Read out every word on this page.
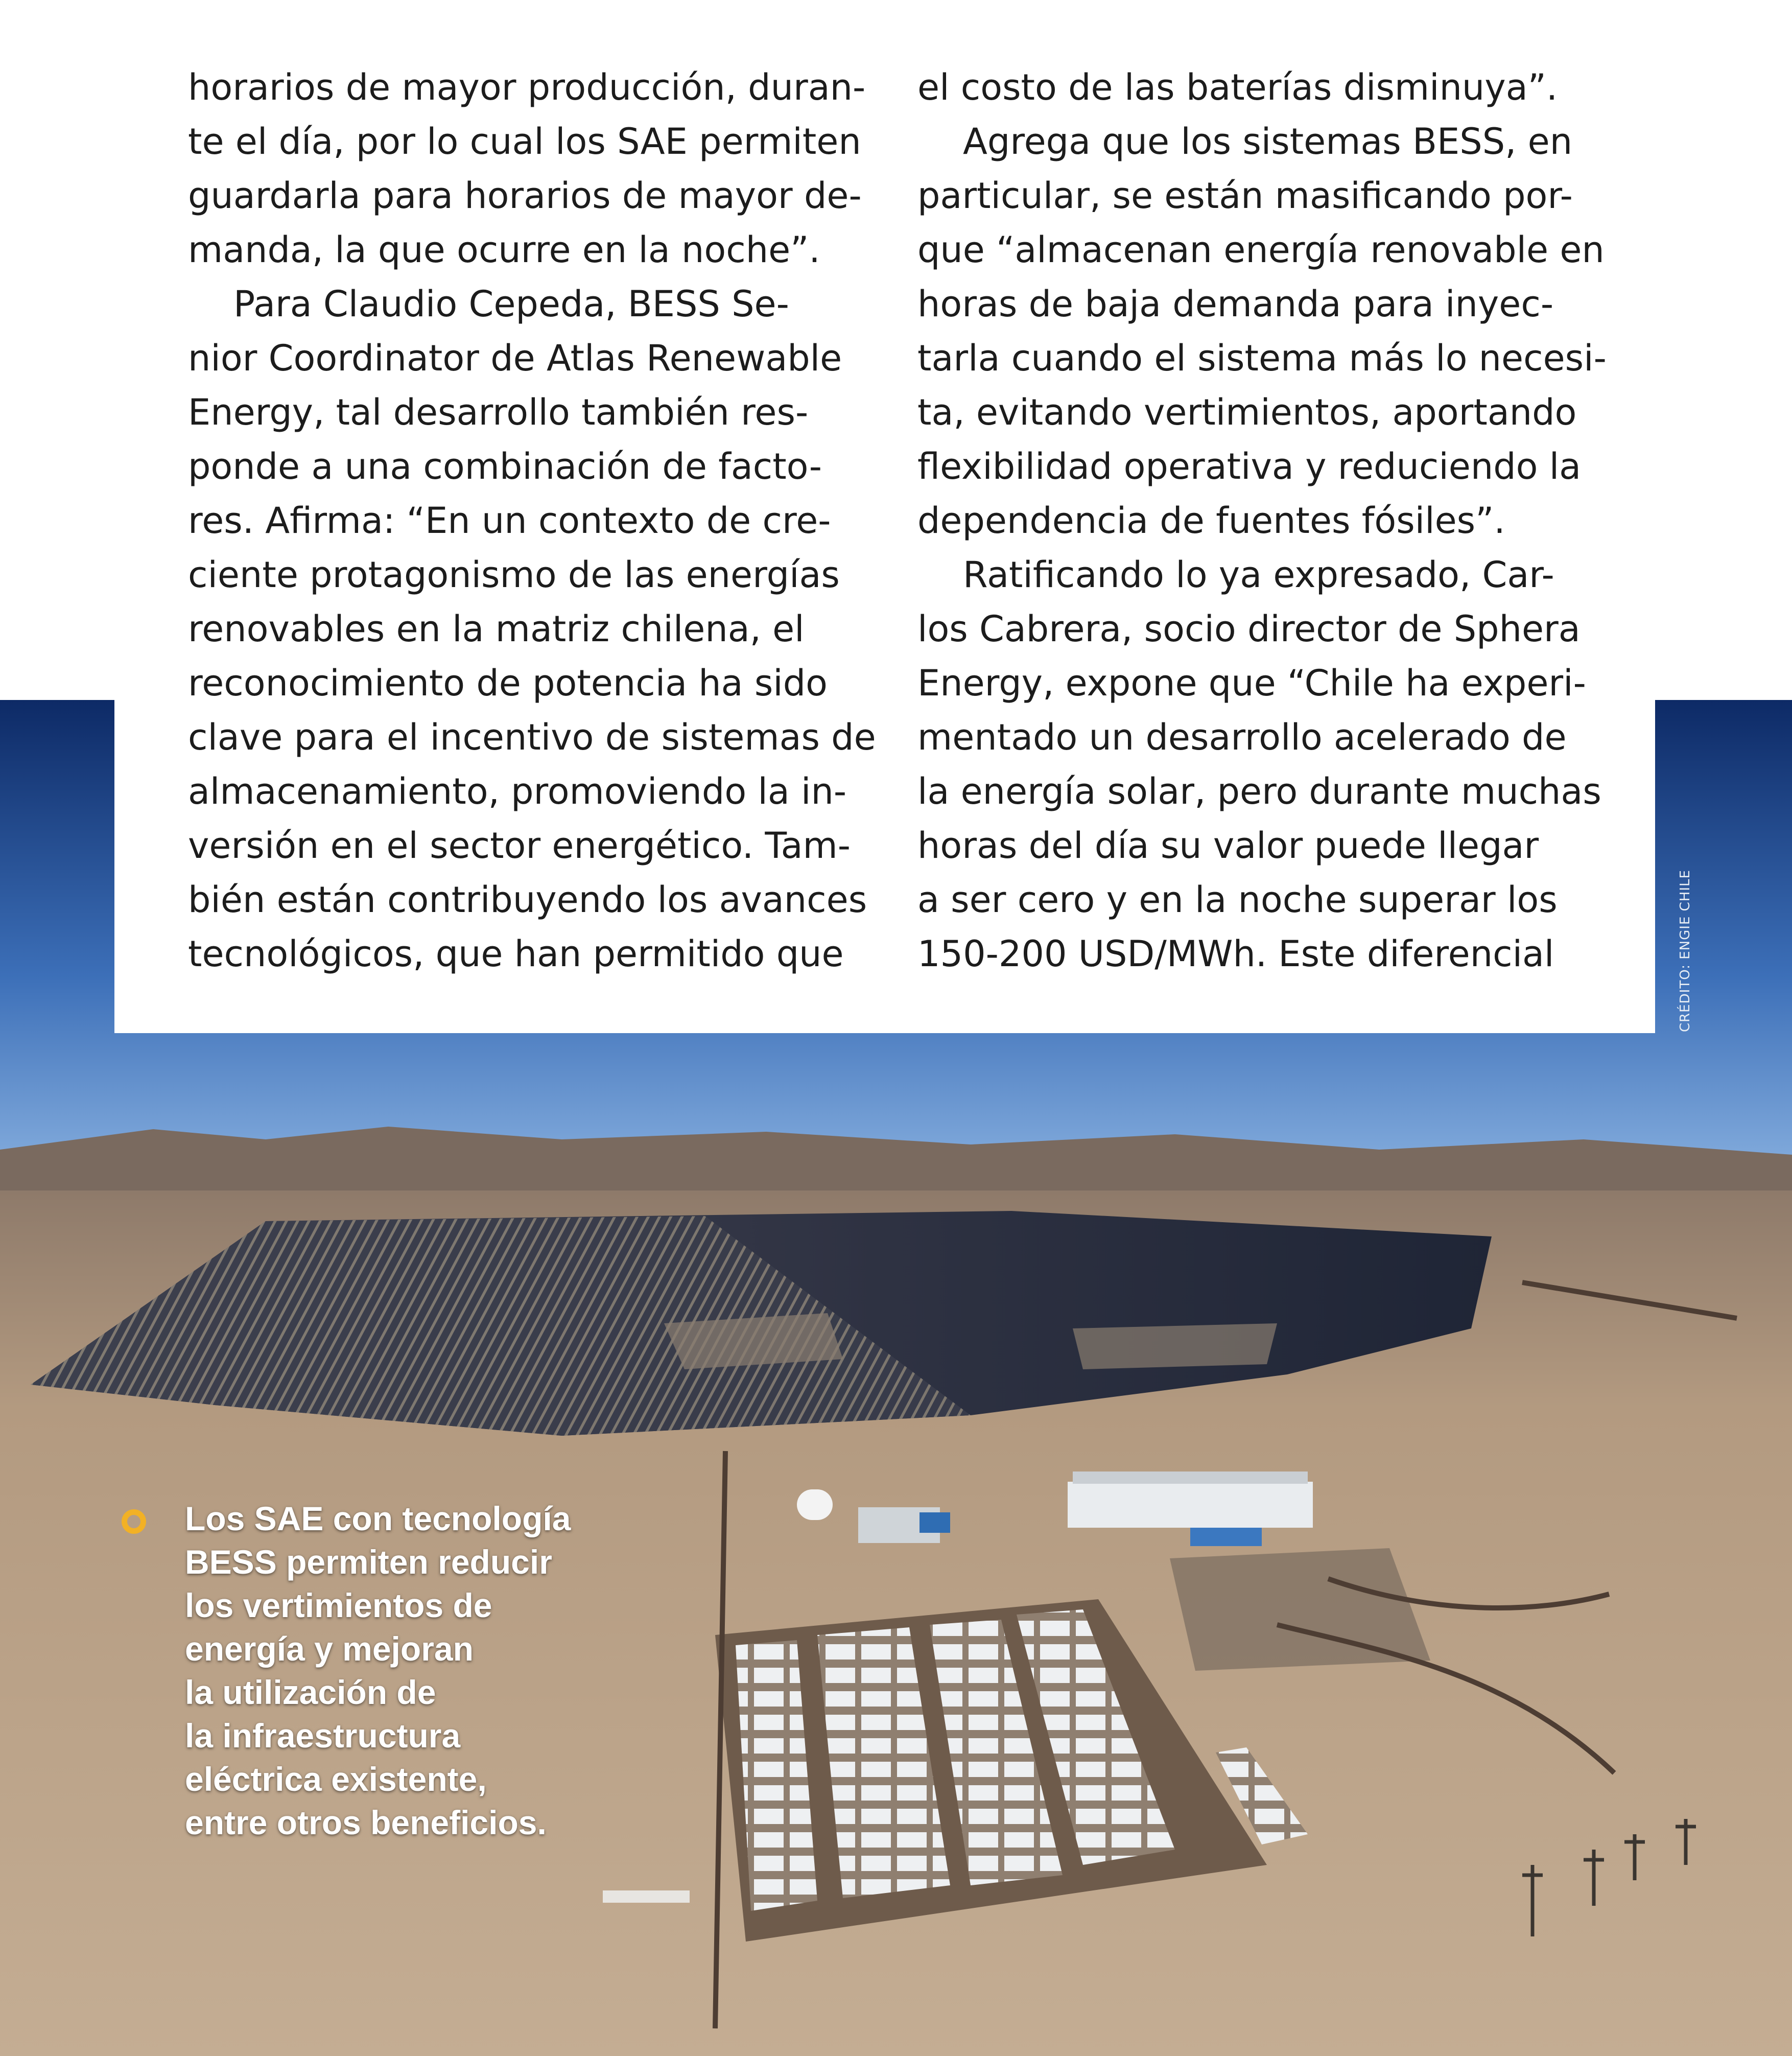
horarios de mayor producción, duran-
te el día, por lo cual los SAE permiten
guardarla para horarios de mayor de-
manda, la que ocurre en la noche”.
Para Claudio Cepeda, BESS Se-
nior Coordinator de Atlas Renewable
Energy, tal desarrollo también res-
ponde a una combinación de facto-
res. Afirma: “En un contexto de cre-
ciente protagonismo de las energías
renovables en la matriz chilena, el
reconocimiento de potencia ha sido
clave para el incentivo de sistemas de
almacenamiento, promoviendo la in-
versión en el sector energético. Tam-
bién están contribuyendo los avances
tecnológicos, que han permitido que
el costo de las baterías disminuya”.
Agrega que los sistemas BESS, en
particular, se están masificando por-
que “almacenan energía renovable en
horas de baja demanda para inyec-
tarla cuando el sistema más lo necesi-
ta, evitando vertimientos, aportando
flexibilidad operativa y reduciendo la
dependencia de fuentes fósiles”.
Ratificando lo ya expresado, Car-
los Cabrera, socio director de Sphera
Energy, expone que “Chile ha experi-
mentado un desarrollo acelerado de
la energía solar, pero durante muchas
horas del día su valor puede llegar
a ser cero y en la noche superar los
150-200 USD/MWh. Este diferencial	CRÉDITO: ENGIE CHILE
Los SAE con tecnología
BESS permiten reducir
los vertimientos de
energía y mejoran
la utilización de
la infraestructura
eléctrica existente,
entre otros beneficios.
